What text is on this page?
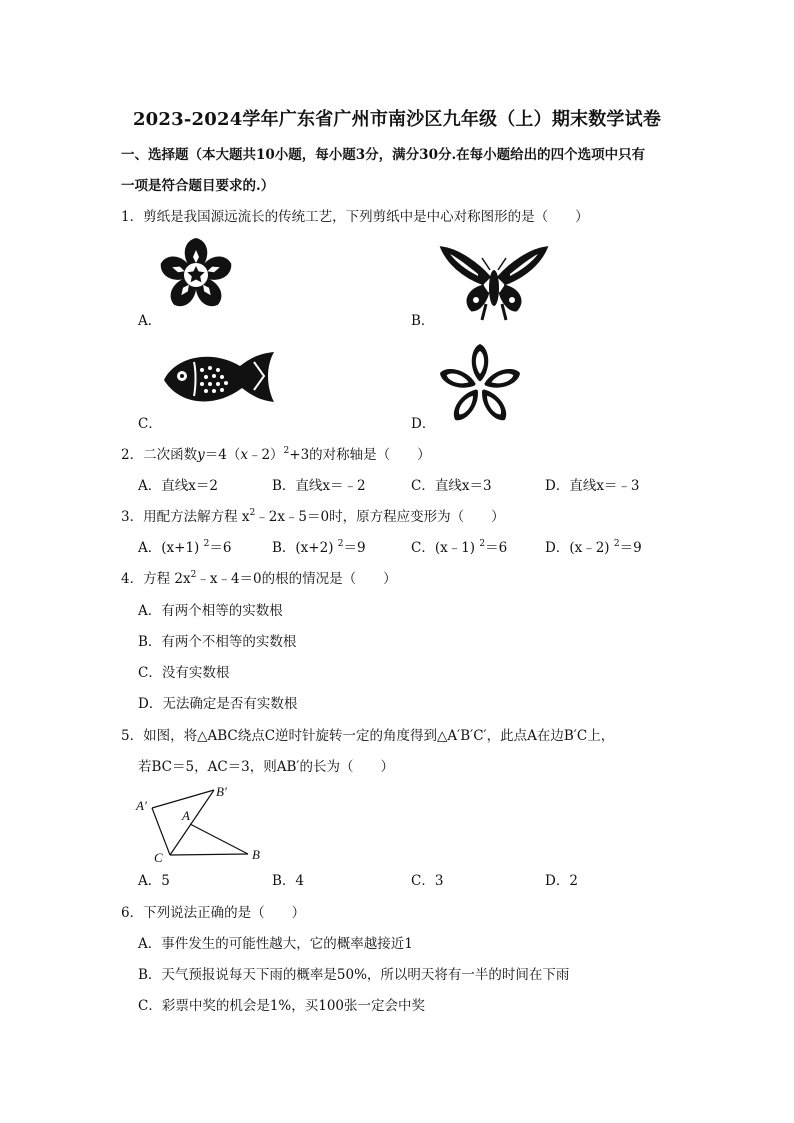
2023-2024学年广东省广州市南沙区九年级（上）期末数学试卷
一、选择题（本大题共10小题，每小题3分，满分30分.在每小题给出的四个选项中只有
一项是符合题目要求的.）
1．剪纸是我国源远流长的传统工艺，下列剪纸中是中心对称图形的是（　　）
A．	B．
C．	D．
2．二次函数y＝4（x﹣2）$^2$+3的对称轴是（　　）
A．直线x＝2	B．直线x＝﹣2	C．直线x＝3	D．直线x＝﹣3
3．用配方法解方程 $x^2﹣2x﹣5=0$时，原方程应变形为（　　）
A．(x+1) $^2$＝6	B．(x+2) $^2$＝9	C．(x﹣1) $^2$＝6	D．(x﹣2) $^2$＝9
4．方程 $2x^2﹣x﹣4=0$的根的情况是（　　）
A．有两个相等的实数根
B．有两个不相等的实数根
C．没有实数根
D．无法确定是否有实数根
5．如图，将△ABC绕点C逆时针旋转一定的角度得到△A′B′C′，此点A在边B′C上，
若BC＝5，AC＝3，则AB′的长为（　　）
A′
B′
A
B
C
A．5	B．4	C．3	D．2
6．下列说法正确的是（　　）
A．事件发生的可能性越大，它的概率越接近1
B．天气预报说每天下雨的概率是50%，所以明天将有一半的时间在下雨
C．彩票中奖的机会是1%，买100张一定会中奖
